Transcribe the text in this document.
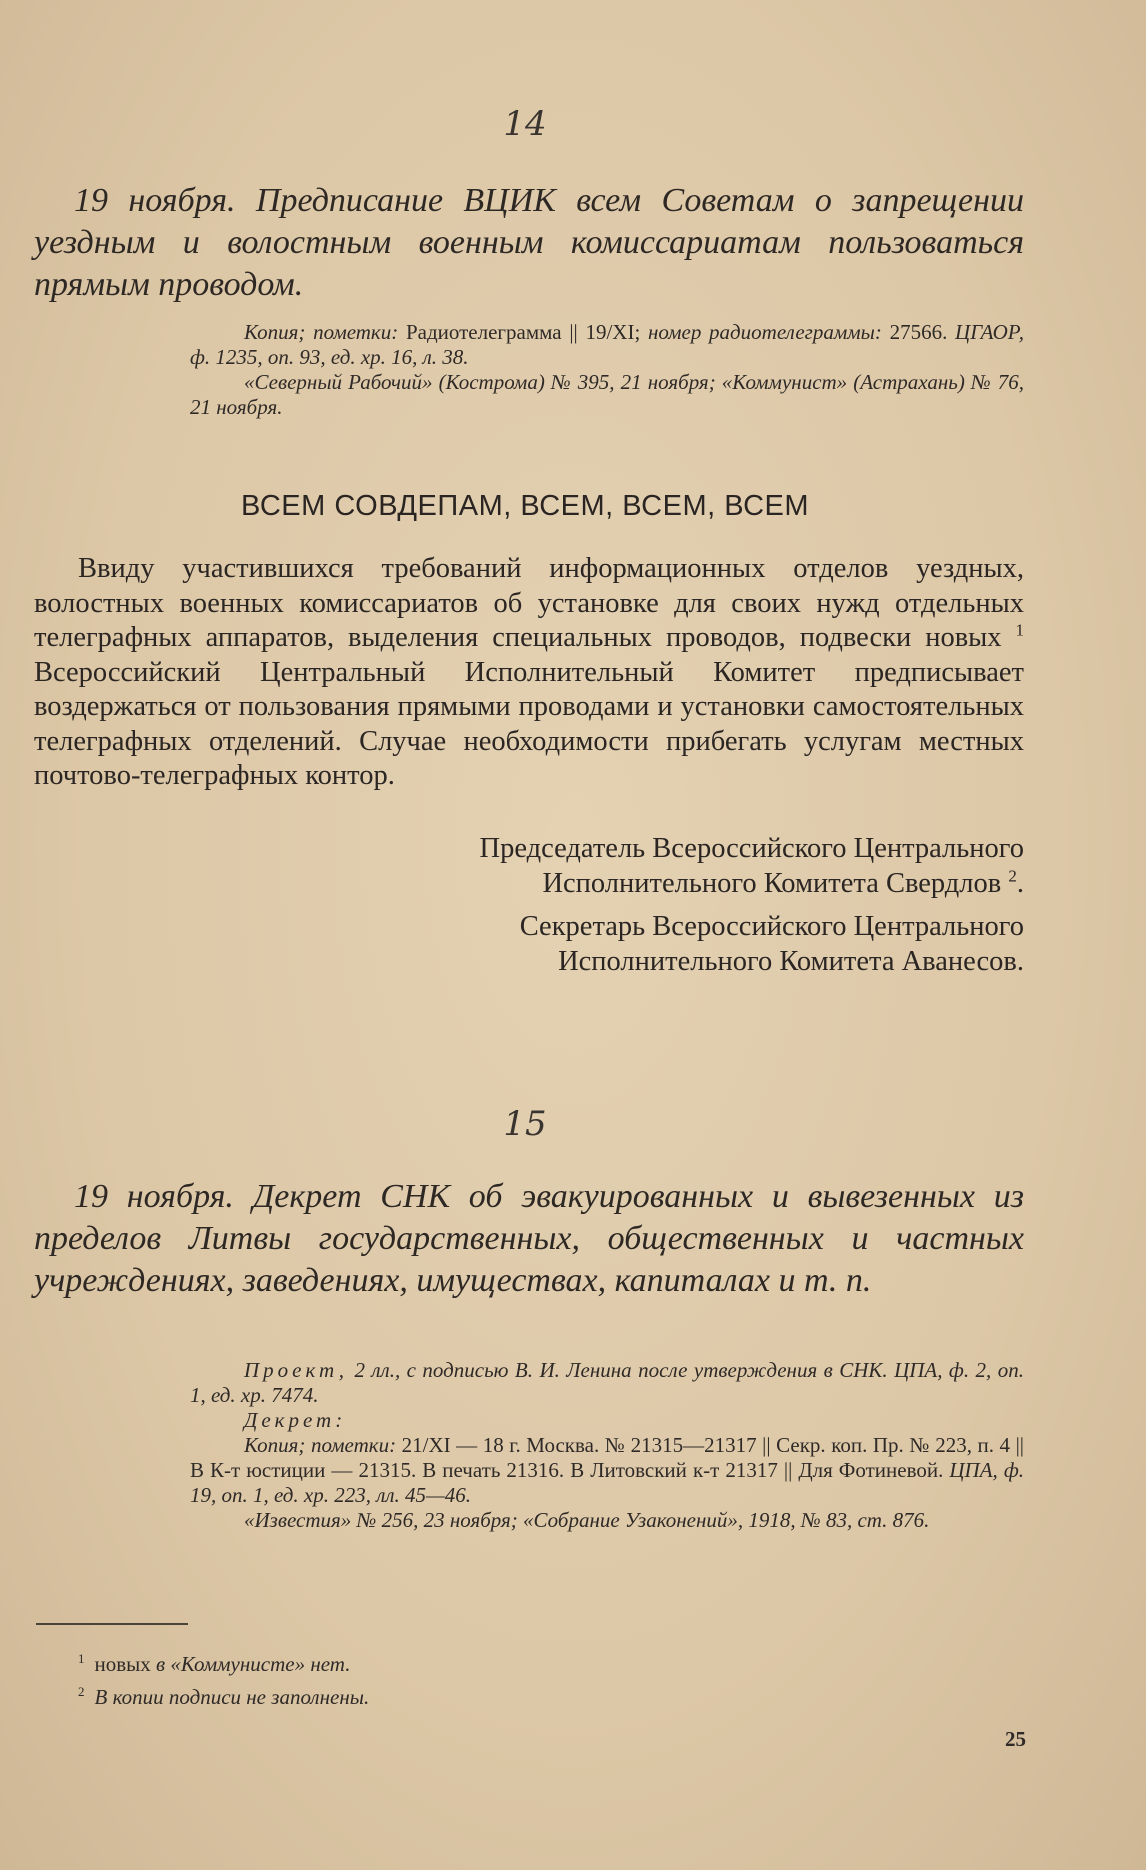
14
19 ноября. Предписание ВЦИК всем Советам о запрещении уездным и волостным военным комиссариатам пользоваться прямым проводом.

Копия; пометки: Радиотелеграмма || 19/XI; номер радиотелеграммы: 27566. ЦГАОР, ф. 1235, оп. 93, ед. хр. 16, л. 38.

«Северный Рабочий» (Кострома) № 395, 21 ноября; «Коммунист» (Астрахань) № 76, 21 ноября.

ВСЕМ СОВДЕПАМ, ВСЕМ, ВСЕМ, ВСЕМ
Ввиду участившихся требований информационных отделов уездных, волостных военных комиссариатов об установке для своих нужд отдельных телеграфных аппаратов, выделения специальных проводов, подвески новых $^1$ Всероссийский Центральный Исполнительный Комитет предписывает воздержаться от пользования прямыми проводами и установки самостоятельных телеграфных отделений. Случае необходимости прибегать услугам местных почтово-телеграфных контор.
Председатель Всероссийского Центрального
Исполнительного Комитета Свердлов $^2$.
Секретарь Всероссийского Центрального
Исполнительного Комитета Аванесов.
15
19 ноября. Декрет СНК об эвакуированных и вывезенных из пределов Литвы государственных, общественных и частных учреждениях, заведениях, имуществах, капиталах и т. п.

Проект, 2 лл., с подписью В. И. Ленина после утверждения в СНК. ЦПА, ф. 2, оп. 1, ед. хр. 7474.

Декрет:

Копия; пометки: 21/XI — 18 г. Москва. № 21315—21317 || Секр. коп. Пр. № 223, п. 4 || В К-т юстиции — 21315. В печать 21316. В Литовский к-т 21317 || Для Фотиневой. ЦПА, ф. 19, оп. 1, ед. хр. 223, лл. 45—46.

«Известия» № 256, 23 ноября; «Собрание Узаконений», 1918, № 83, ст. 876.

$^1$ новых в «Коммунисте» нет.
$^2$ В копии подписи не заполнены.
25
